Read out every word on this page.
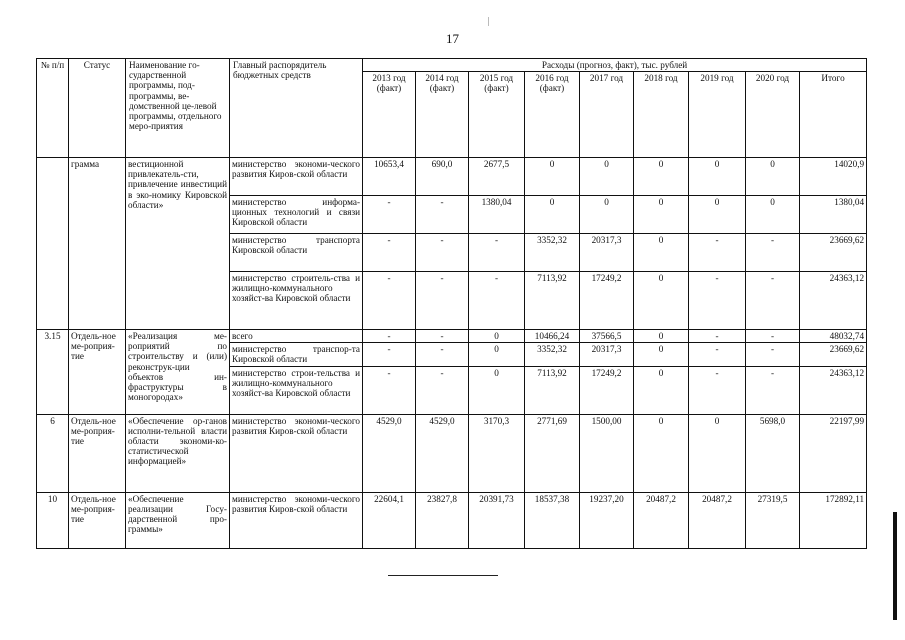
17
№ п/п	Статус	Наименование го-сударственной программы, под-программы, ве-домственной це-левой программы, отдельного меро-приятия	Главный распорядитель бюджетных средств	Расходы (прогноз, факт), тыс. рублей								
				2013 год (факт)	2014 год (факт)	2015 год (факт)	2016 год (факт)	2017 год	2018 год	2019 год	2020 год	Итого
	грамма	вестиционной привлекатель-сти, привлечение инвестиций в эко-номику Кировской области»	министерство экономи-ческого развития Киров-ской области	10653,4	690,0	2677,5	0	0	0	0	0	14020,9
			министерство информа-ционных технологий и связи Кировской области	-	-	1380,04	0	0	0	0	0	1380,04
			министерство транспорта Кировской области	-	-	-	3352,32	20317,3	0	-	-	23669,62
			министерство строитель-ства и жилищно-коммунального хозяйст-ва Кировской области	-	-	-	7113,92	17249,2	0	-	-	24363,12
3.15	Отдель-ное ме-роприя-тие	«Реализация ме-роприятий по строительству и (или) реконструк-ции объектов ин-фраструктуры в моногородах»	всего	-	-	0	10466,24	37566,5	0	-	-	48032,74
			министерство транспор-та Кировской области	-	-	0	3352,32	20317,3	0	-	-	23669,62
			министерство строи-тельства и жилищно-коммунального хозяйст-ва Кировской области	-	-	0	7113,92	17249,2	0	-	-	24363,12
6	Отдель-ное ме-роприя-тие	«Обеспечение ор-ганов исполни-тельной власти области экономи-ко-статистической информацией»	министерство экономи-ческого развития Киров-ской области	4529,0	4529,0	3170,3	2771,69	1500,00	0	0	5698,0	22197,99
10	Отдель-ное ме-роприя-тие	«Обеспечение реализации Госу-дарственной про-граммы»	министерство экономи-ческого развития Киров-ской области	22604,1	23827,8	20391,73	18537,38	19237,20	20487,2	20487,2	27319,5	172892,11
